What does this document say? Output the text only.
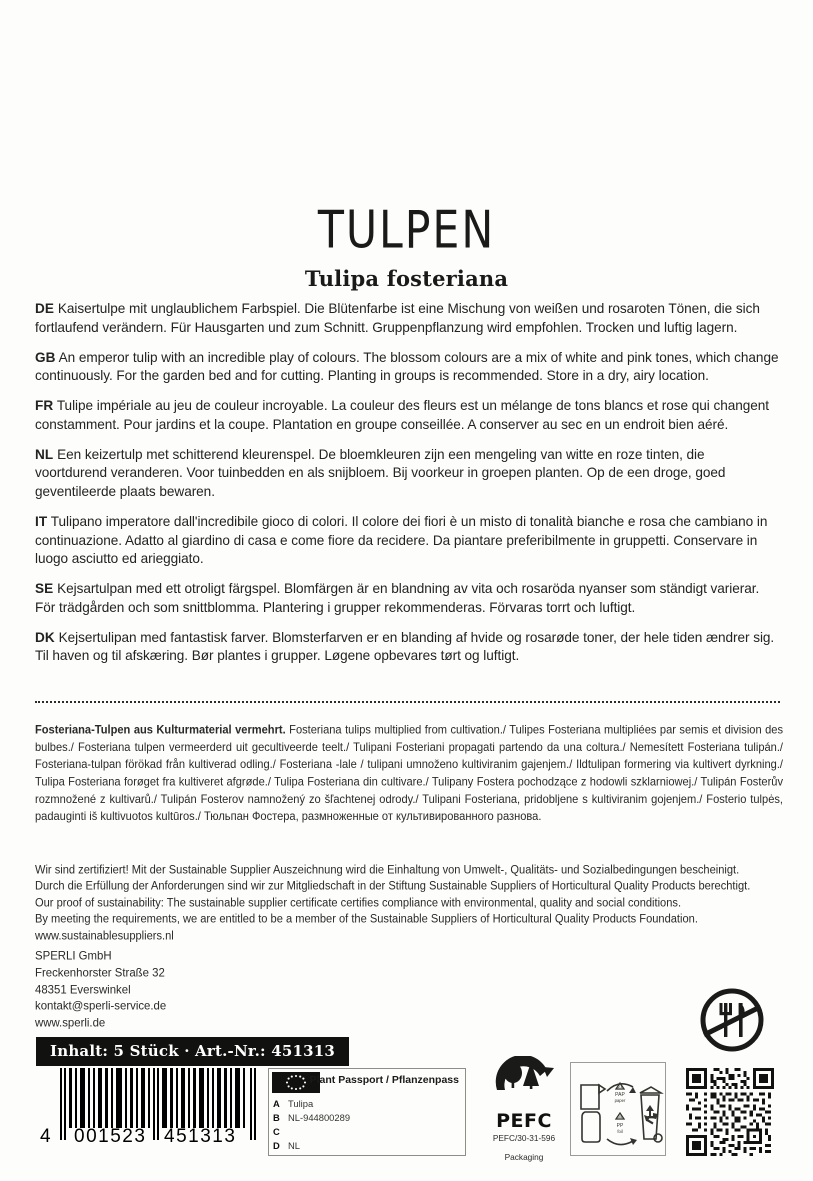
TULPEN
Tulipa fosteriana

DE Kaisertulpe mit unglaublichem Farbspiel. Die Blütenfarbe ist eine Mischung von weißen und rosaroten Tönen, die sich fortlaufend verändern. Für Hausgarten und zum Schnitt. Gruppenpflanzung wird empfohlen. Trocken und luftig lagern.

GB An emperor tulip with an incredible play of colours. The blossom colours are a mix of white and pink tones, which change continuously. For the garden bed and for cutting. Planting in groups is recommended. Store in a dry, airy location.

FR Tulipe impériale au jeu de couleur incroyable. La couleur des fleurs est un mélange de tons blancs et rose qui changent constamment. Pour jardins et la coupe. Plantation en groupe conseillée. A conserver au sec en un endroit bien aéré.

NL Een keizertulp met schitterend kleurenspel. De bloemkleuren zijn een mengeling van witte en roze tinten, die voortdurend veranderen. Voor tuinbedden en als snijbloem. Bij voorkeur in groepen planten. Op de een droge, goed geventileerde plaats bewaren.

IT Tulipano imperatore dall'incredibile gioco di colori. Il colore dei fiori è un misto di tonalità bianche e rosa che cambiano in continuazione. Adatto al giardino di casa e come fiore da recidere. Da piantare preferibilmente in gruppetti. Conservare in luogo asciutto ed arieggiato.

SE Kejsartulpan med ett otroligt färgspel. Blomfärgen är en blandning av vita och rosaröda nyanser som ständigt varierar. För trädgården och som snittblomma. Plantering i grupper rekommenderas. Förvaras torrt och luftigt.

DK Kejsertulipan med fantastisk farver. Blomsterfarven er en blanding af hvide og rosarøde toner, der hele tiden ændrer sig. Til haven og til afskæring. Bør plantes i grupper. Løgene opbevares tørt og luftigt.

Fosteriana-Tulpen aus Kulturmaterial vermehrt. Fosteriana tulips multiplied from cultivation./ Tulipes Fosteriana multipliées par semis et division des bulbes./ Fosteriana tulpen vermeerderd uit gecultiveerde teelt./ Tulipani Fosteriani propagati partendo da una coltura./ Nemesített Fosteriana tulipán./ Fosteriana-tulpan förökad från kultiverad odling./ Fosteriana -lale / tulipani umnoženo kultiviranim gajenjem./ Ildtulipan formering via kultivert dyrkning./ Tulipa Fosteriana forøget fra kultiveret afgrøde./ Tulipa Fosteriana din cultivare./ Tulipany Fostera pochodzące z hodowli szklarniowej./ Tulipán Fosterův rozmnožené z kultivarů./ Tulipán Fosterov namnožený zo šľachtenej odrody./ Tulipani Fosteriana, pridobljene s kultiviranim gojenjem./ Fosterio tulpės, padauginti iš kultivuotos kultūros./ Тюльпан Фостера, размноженные от культивированного разнова.
Wir sind zertifiziert! Mit der Sustainable Supplier Auszeichnung wird die Einhaltung von Umwelt-, Qualitäts- und Sozialbedingungen bescheinigt.
Durch die Erfüllung der Anforderungen sind wir zur Mitgliedschaft in der Stiftung Sustainable Suppliers of Horticultural Quality Products berechtigt.
Our proof of sustainability: The sustainable supplier certificate certifies compliance with environmental, quality and social conditions.
By meeting the requirements, we are entitled to be a member of the Sustainable Suppliers of Horticultural Quality Products Foundation.
www.sustainablesuppliers.nl
SPERLI GmbH
Freckenhorster Straße 32
48351 Everswinkel
kontakt@sperli-service.de
www.sperli.de
Inhalt: 5 Stück · Art.-Nr.: 451313
4 001523 451313
Plant Passport / Pflanzenpass
A Tulipa
B NL-944800289
C
D NL
PEFC
PEFC/30-31-596
Packaging
21
PAP
paper
05
PP
foil
